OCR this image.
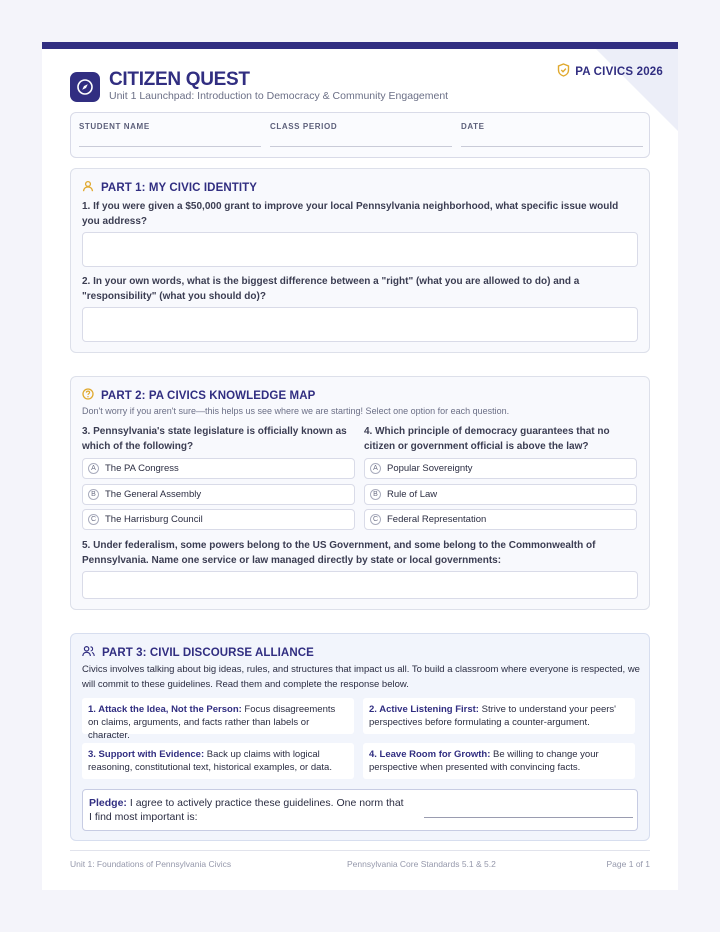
CITIZEN QUEST
Unit 1 Launchpad: Introduction to Democracy & Community Engagement
PA CIVICS 2026
STUDENT NAME	CLASS PERIOD	DATE
PART 1: MY CIVIC IDENTITY
1. If you were given a $50,000 grant to improve your local Pennsylvania neighborhood, what specific issue would you address?
2. In your own words, what is the biggest difference between a "right" (what you are allowed to do) and a "responsibility" (what you should do)?
PART 2: PA CIVICS KNOWLEDGE MAP
Don't worry if you aren't sure—this helps us see where we are starting! Select one option for each question.
3. Pennsylvania's state legislature is officially known as which of the following?
4. Which principle of democracy guarantees that no citizen or government official is above the law?
A The PA Congress
B The General Assembly
C The Harrisburg Council
A Popular Sovereignty
B Rule of Law
C Federal Representation
5. Under federalism, some powers belong to the US Government, and some belong to the Commonwealth of Pennsylvania. Name one service or law managed directly by state or local governments:
PART 3: CIVIL DISCOURSE ALLIANCE
Civics involves talking about big ideas, rules, and structures that impact us all. To build a classroom where everyone is respected, we will commit to these guidelines. Read them and complete the response below.
1. Attack the Idea, Not the Person: Focus disagreements on claims, arguments, and facts rather than labels or character.
2. Active Listening First: Strive to understand your peers' perspectives before formulating a counter-argument.
3. Support with Evidence: Back up claims with logical reasoning, constitutional text, historical examples, or data.
4. Leave Room for Growth: Be willing to change your perspective when presented with convincing facts.
Pledge: I agree to actively practice these guidelines. One norm that I find most important is:
Unit 1: Foundations of Pennsylvania Civics	Pennsylvania Core Standards 5.1 & 5.2	Page 1 of 1
